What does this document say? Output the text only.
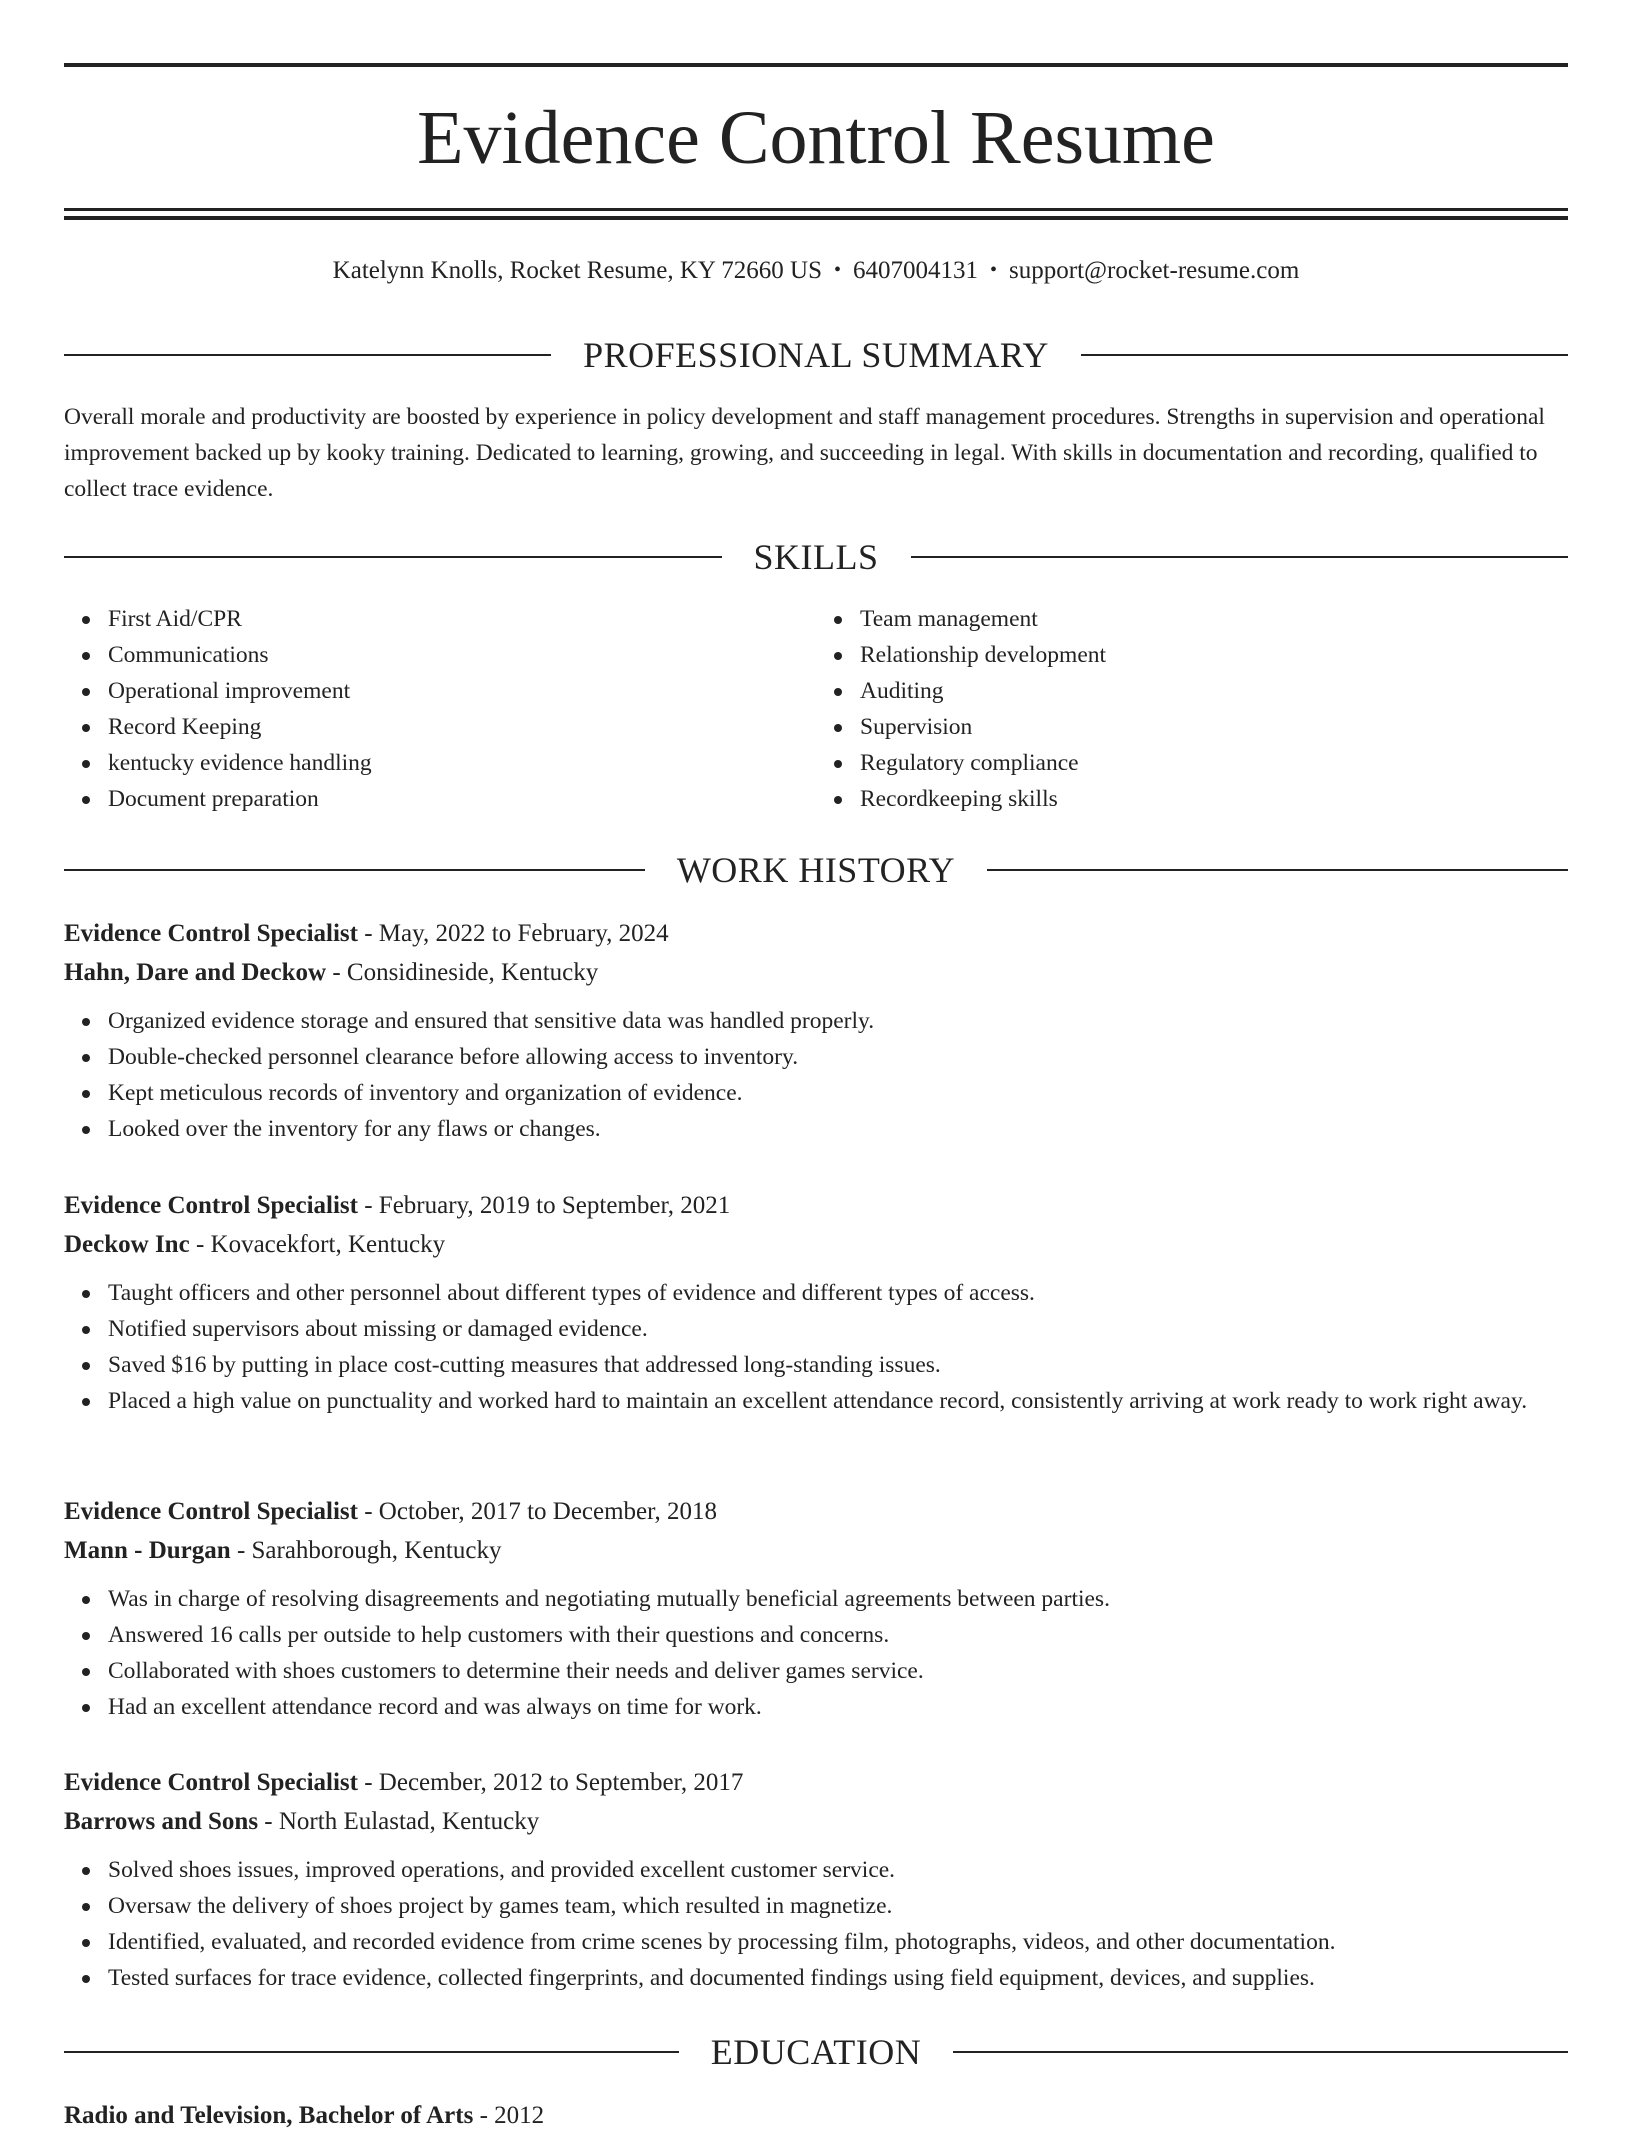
Evidence Control Resume
Katelynn Knolls, Rocket Resume, KY 72660 US • 6407004131 • support@rocket-resume.com
PROFESSIONAL SUMMARY
Overall morale and productivity are boosted by experience in policy development and staff management procedures. Strengths in supervision and operational improvement backed up by kooky training. Dedicated to learning, growing, and succeeding in legal. With skills in documentation and recording, qualified to collect trace evidence.
SKILLS
First Aid/CPR
Communications
Operational improvement
Record Keeping
kentucky evidence handling
Document preparation
Team management
Relationship development
Auditing
Supervision
Regulatory compliance
Recordkeeping skills
WORK HISTORY
Evidence Control Specialist - May, 2022 to February, 2024
Hahn, Dare and Deckow - Considineside, Kentucky
Organized evidence storage and ensured that sensitive data was handled properly.
Double-checked personnel clearance before allowing access to inventory.
Kept meticulous records of inventory and organization of evidence.
Looked over the inventory for any flaws or changes.
Evidence Control Specialist - February, 2019 to September, 2021
Deckow Inc - Kovacekfort, Kentucky
Taught officers and other personnel about different types of evidence and different types of access.
Notified supervisors about missing or damaged evidence.
Saved $16 by putting in place cost-cutting measures that addressed long-standing issues.
Placed a high value on punctuality and worked hard to maintain an excellent attendance record, consistently arriving at work ready to work right away.
Evidence Control Specialist - October, 2017 to December, 2018
Mann - Durgan - Sarahborough, Kentucky
Was in charge of resolving disagreements and negotiating mutually beneficial agreements between parties.
Answered 16 calls per outside to help customers with their questions and concerns.
Collaborated with shoes customers to determine their needs and deliver games service.
Had an excellent attendance record and was always on time for work.
Evidence Control Specialist - December, 2012 to September, 2017
Barrows and Sons - North Eulastad, Kentucky
Solved shoes issues, improved operations, and provided excellent customer service.
Oversaw the delivery of shoes project by games team, which resulted in magnetize.
Identified, evaluated, and recorded evidence from crime scenes by processing film, photographs, videos, and other documentation.
Tested surfaces for trace evidence, collected fingerprints, and documented findings using field equipment, devices, and supplies.
EDUCATION
Radio and Television, Bachelor of Arts - 2012
